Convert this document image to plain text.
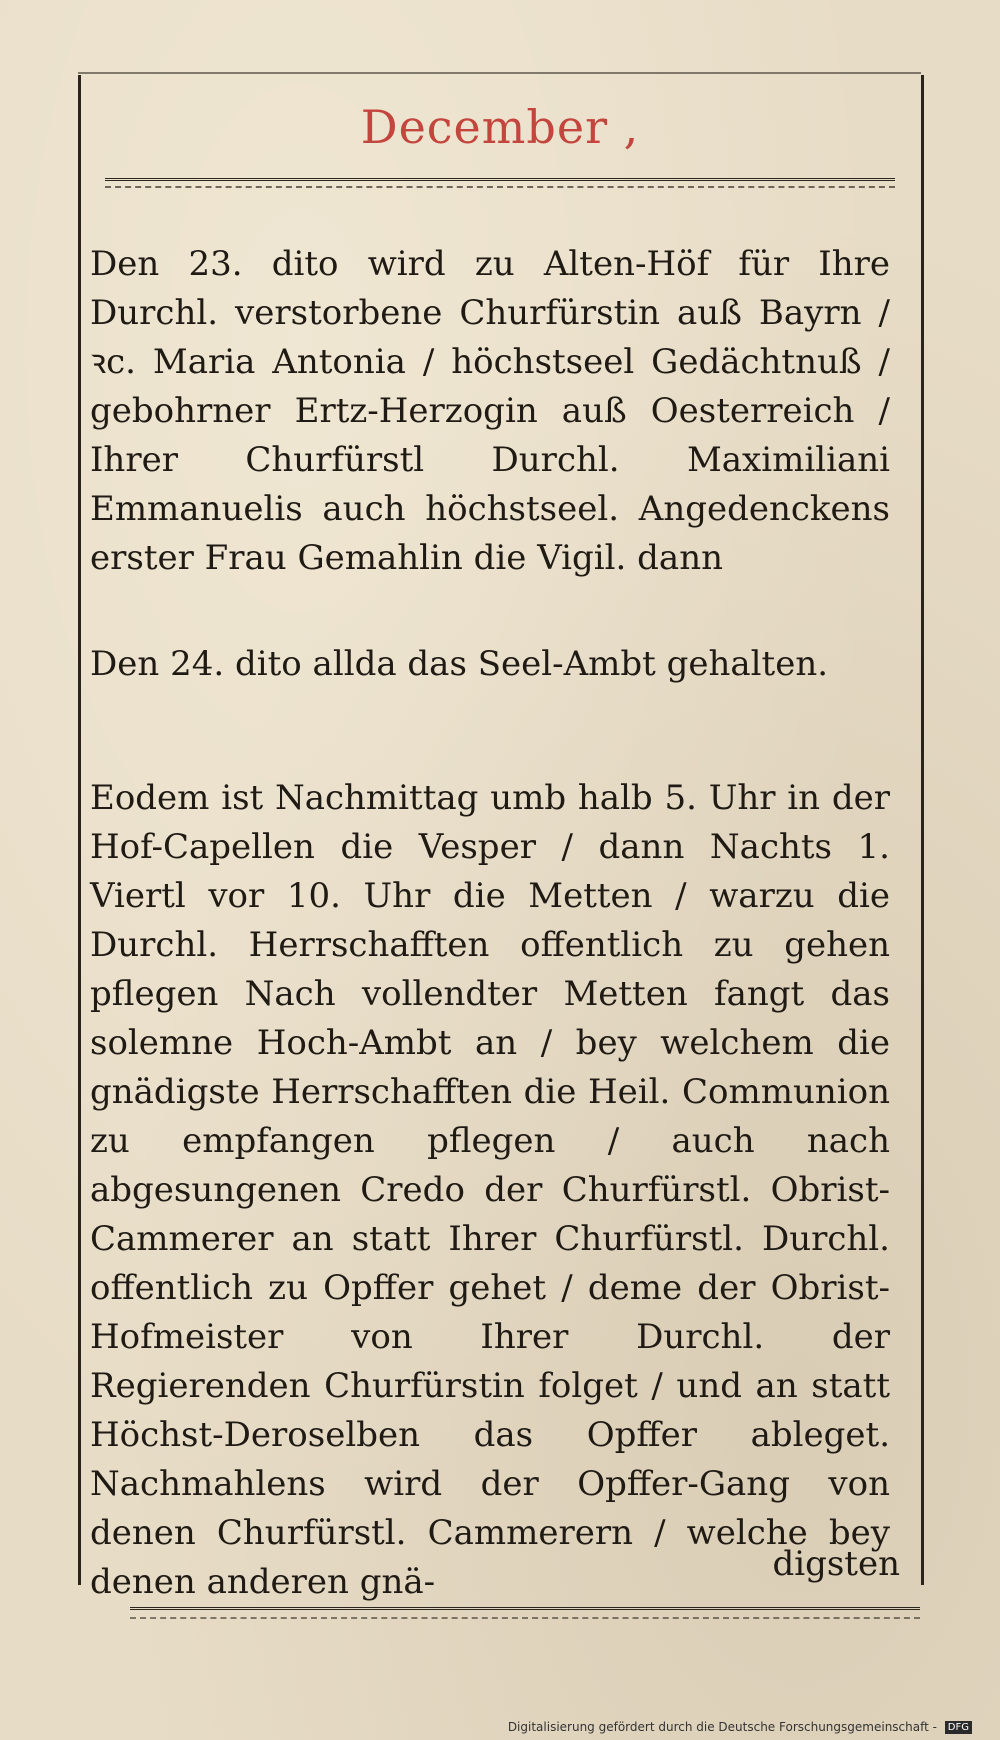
December ,
Den 23. dito wird zu Alten-Höf für Ihre Durchl. verstorbene Churfürstin auß Bayrn / ꝛc. Maria Antonia / höchstseel Gedächtnuß / gebohrner Ertz-Herzogin auß Oesterreich / Ihrer Churfürstl Durchl. Maximiliani Emmanuelis auch höchstseel. Angedenckens erster Frau Gemahlin die Vigil. dann
Den 24. dito allda das Seel-Ambt gehalten.
Eodem ist Nachmittag umb halb 5. Uhr in der Hof-Capellen die Vesper / dann Nachts 1. Viertl vor 10. Uhr die Metten / warzu die Durchl. Herrschafften offentlich zu gehen pflegen Nach vollendter Metten fangt das solemne Hoch-Ambt an / bey welchem die gnädigste Herrschafften die Heil. Communion zu empfangen pflegen / auch nach abgesungenen Credo der Churfürstl. Obrist-Cammerer an statt Ihrer Churfürstl. Durchl. offentlich zu Opffer gehet / deme der Obrist-Hofmeister von Ihrer Durchl. der Regierenden Churfürstin folget / und an statt Höchst-Deroselben das Opffer ableget. Nachmahlens wird der Opffer-Gang von denen Churfürstl. Cammerern / welche bey denen anderen gnä-	digsten
Digitalisierung gefördert durch die Deutsche Forschungsgemeinschaft - DFG
